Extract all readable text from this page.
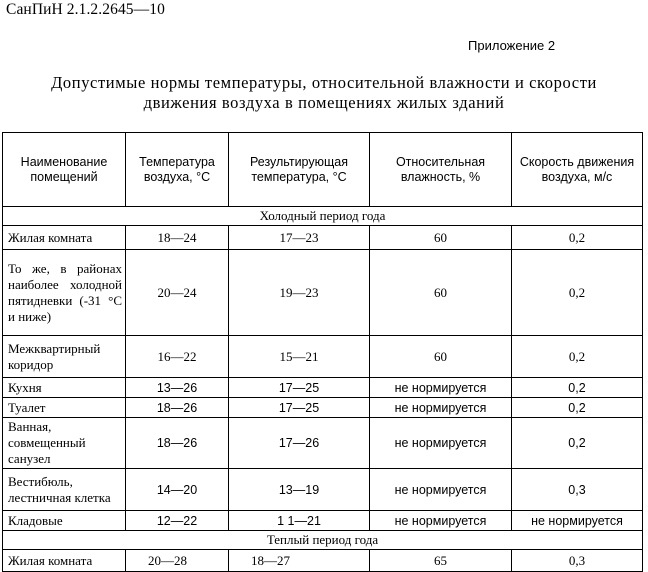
СанПиН 2.1.2.2645—10
Приложение 2
Допустимые нормы температуры, относительной влажности и скорости
движения воздуха в помещениях жилых зданий
Наименование помещений	Температура воздуха, °С	Результирующая температура, °С	Относительная влажность, %	Скорость движения воздуха, м/с
Холодный период года				
Жилая комната	18—24	17—23	60	0,2
То же, в районах наиболее холодной пятидневки (-31 °С и ниже)	20—24	19—23	60	0,2
Межквартирный коридор	16—22	15—21	60	0,2
Кухня	13—26	17—25	не нормируется	0,2
Туалет	18—26	17—25	не нормируется	0,2
Ванная, совмещенный санузел	18—26	17—26	не нормируется	0,2
Вестибюль, лестничная клетка	14—20	13—19	не нормируется	0,3
Кладовые	12—22	1 1—21	не нормируется	не нормируется
Теплый период года				
Жилая комната	20—28	18—27	65	0,3
